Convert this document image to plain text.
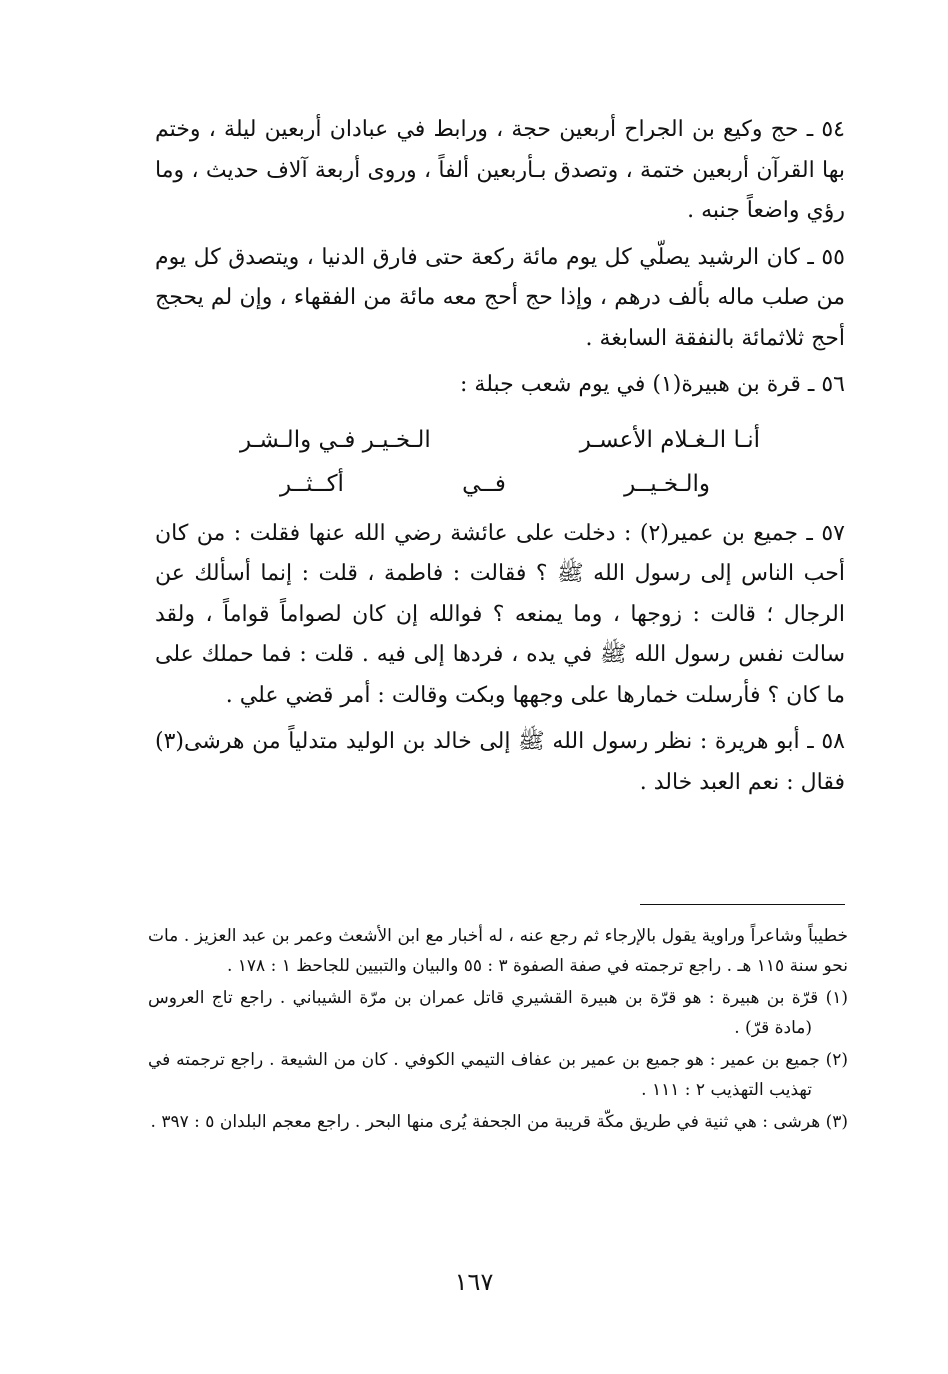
٥٤ ـ حج وكيع بن الجراح أربعين حجة ، ورابط في عبادان أربعين ليلة ، وختم بها القرآن أربعين ختمة ، وتصدق بـأربعين ألفاً ، وروى أربعة آلاف حديث ، وما رؤي واضعاً جنبه .

٥٥ ـ كان الرشيد يصلّي كل يوم مائة ركعة حتى فارق الدنيا ، ويتصدق كل يوم من صلب ماله بألف درهم ، وإذا حج أحج معه مائة من الفقهاء ، وإن لم يحجج أحج ثلاثمائة بالنفقة السابغة .

٥٦ ـ قرة بن هبيرة(١) في يوم شعب جبلة :

أنـا الـغـلام الأعسـر
الـخـيـر فـي والـشـر
والـخـيــر
فــي
أكــثــر

٥٧ ـ جميع بن عمير(٢) : دخلت على عائشة رضي الله عنها فقلت : من كان أحب الناس إلى رسول الله ﷺ ؟ فقالت : فاطمة ، قلت : إنما أسألك عن الرجال ؛ قالت : زوجها ، وما يمنعه ؟ فوالله إن كان لصواماً قواماً ، ولقد سالت نفس رسول الله ﷺ في يده ، فردها إلى فيه . قلت : فما حملك على ما كان ؟ فأرسلت خمارها على وجهها وبكت وقالت : أمر قضي علي .

٥٨ ـ أبو هريرة : نظر رسول الله ﷺ إلى خالد بن الوليد متدلياً من هرشى(٣) فقال : نعم العبد خالد .

خطيباً وشاعراً وراوية يقول بالإرجاء ثم رجع عنه ، له أخبار مع ابن الأشعث وعمر بن عبد العزيز . مات نحو سنة ١١٥ هـ . راجع ترجمته في صفة الصفوة ٣ : ٥٥ والبيان والتبيين للجاحظ ١ : ١٧٨ .

(١) قرّة بن هبيرة : هو قرّة بن هبيرة القشيري قاتل عمران بن مرّة الشيباني . راجع تاج العروس (مادة قرّ) .

(٢) جميع بن عمير : هو جميع بن عمير بن عفاف التيمي الكوفي . كان من الشيعة . راجع ترجمته في تهذيب التهذيب ٢ : ١١١ .

(٣) هرشى : هي ثنية في طريق مكّة قريبة من الجحفة يُرى منها البحر . راجع معجم البلدان ٥ : ٣٩٧ .

١٦٧
